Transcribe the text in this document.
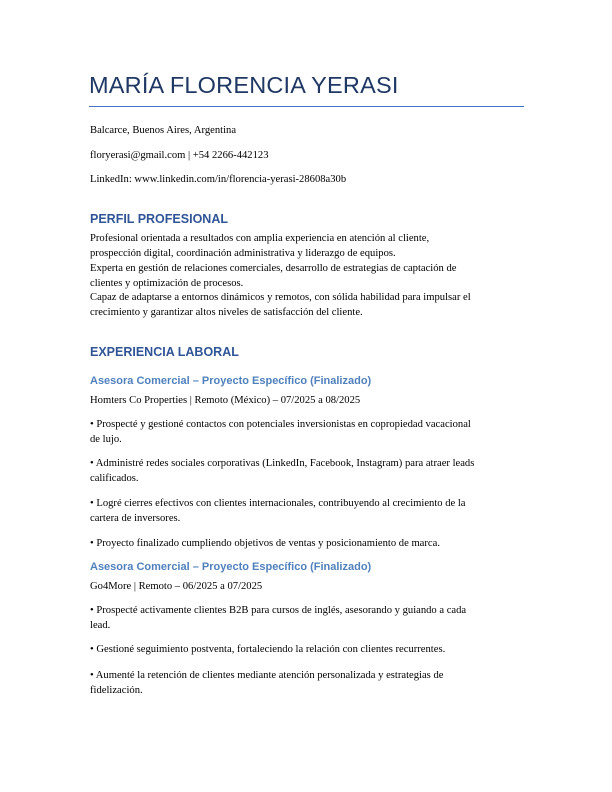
MARÍA FLORENCIA YERASI
Balcarce, Buenos Aires, Argentina
floryerasi@gmail.com | +54 2266-442123
LinkedIn: www.linkedin.com/in/florencia-yerasi-28608a30b
PERFIL PROFESIONAL
Profesional orientada a resultados con amplia experiencia en atención al cliente,
prospección digital, coordinación administrativa y liderazgo de equipos.
Experta en gestión de relaciones comerciales, desarrollo de estrategias de captación de
clientes y optimización de procesos.
Capaz de adaptarse a entornos dinámicos y remotos, con sólida habilidad para impulsar el
crecimiento y garantizar altos niveles de satisfacción del cliente.
EXPERIENCIA LABORAL
Asesora Comercial – Proyecto Específico (Finalizado)
Homters Co Properties | Remoto (México) – 07/2025 a 08/2025
• Prospecté y gestioné contactos con potenciales inversionistas en copropiedad vacacional
de lujo.
• Administré redes sociales corporativas (LinkedIn, Facebook, Instagram) para atraer leads
calificados.
• Logré cierres efectivos con clientes internacionales, contribuyendo al crecimiento de la
cartera de inversores.
• Proyecto finalizado cumpliendo objetivos de ventas y posicionamiento de marca.
Asesora Comercial – Proyecto Específico (Finalizado)
Go4More | Remoto – 06/2025 a 07/2025
• Prospecté activamente clientes B2B para cursos de inglés, asesorando y guiando a cada
lead.
• Gestioné seguimiento postventa, fortaleciendo la relación con clientes recurrentes.
• Aumenté la retención de clientes mediante atención personalizada y estrategias de
fidelización.
